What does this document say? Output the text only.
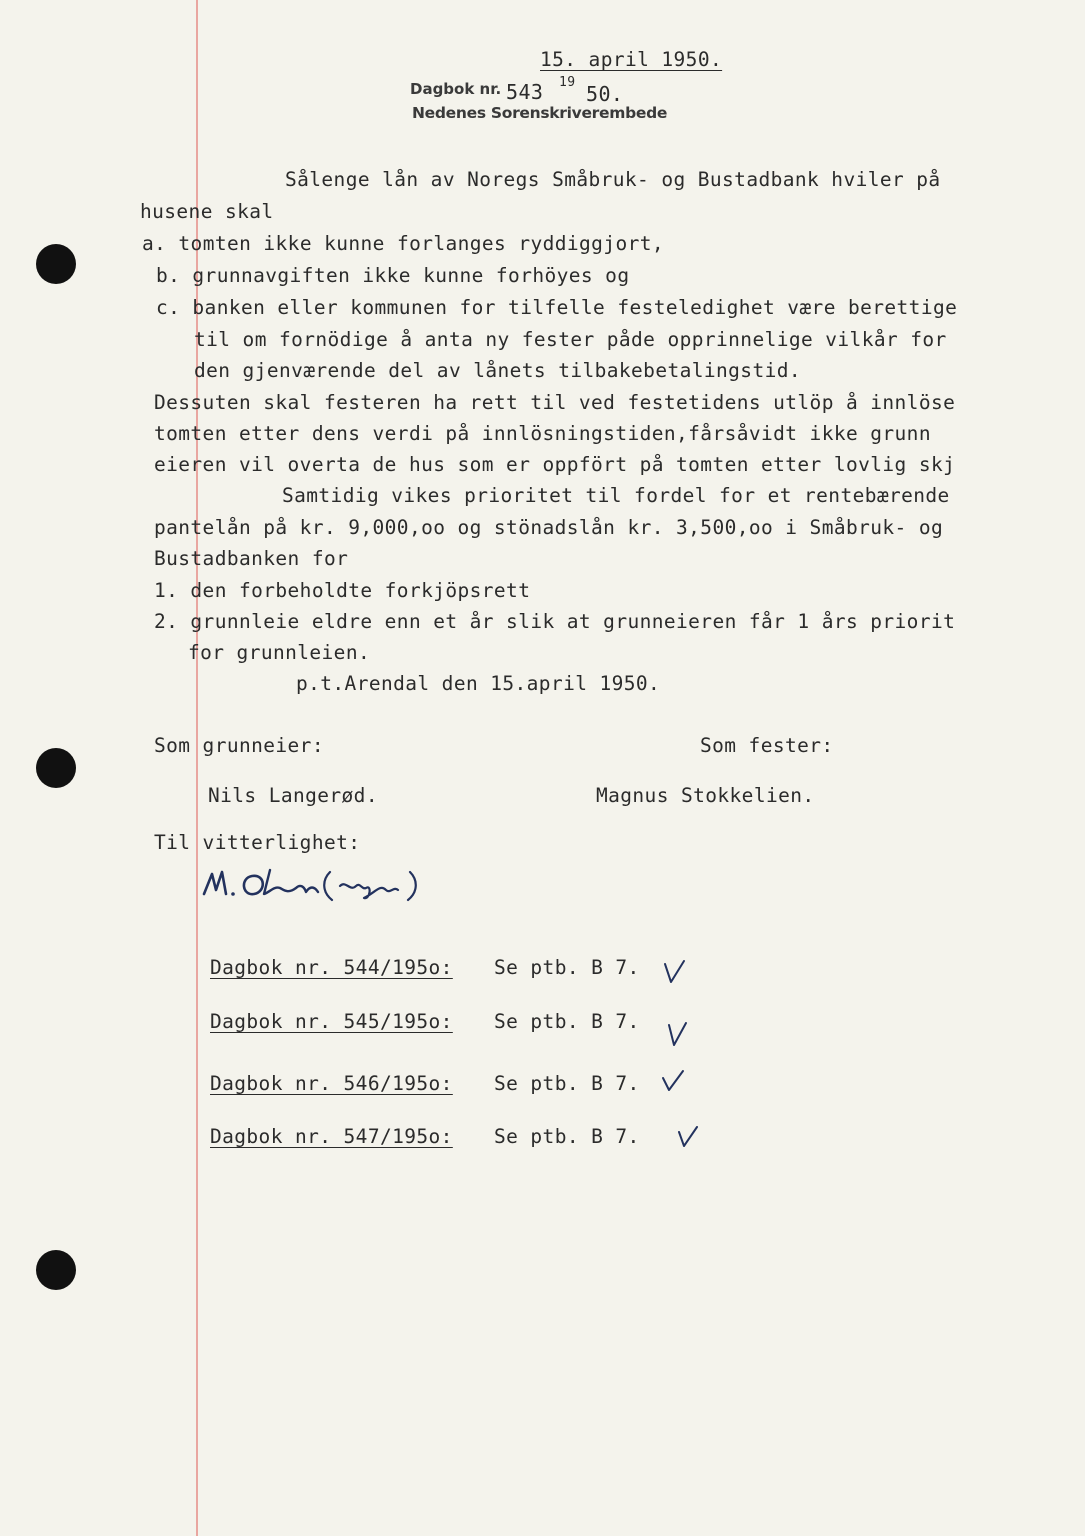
15. april 1950.
Dagbok nr. 543 19 50.
Nedenes Sorenskriverembede
Sålenge lån av Noregs Småbruk- og Bustadbank hviler på
husene skal
a. tomten ikke kunne forlanges ryddiggjort,
b. grunnavgiften ikke kunne forhöyes og
c. banken eller kommunen for tilfelle festeledighet være berettige
til om fornödige å anta ny fester påde opprinnelige vilkår for
den gjenværende del av lånets tilbakebetalingstid.
Dessuten skal festeren ha rett til ved festetidens utlöp å innlöse
tomten etter dens verdi på innlösningstiden,fårsåvidt ikke grunn
eieren vil overta de hus som er oppfört på tomten etter lovlig skj
Samtidig vikes prioritet til fordel for et rentebærende
pantelån på kr. 9,000,oo og stönadslån kr. 3,500,oo i Småbruk- og
Bustadbanken for
1. den forbeholdte forkjöpsrett
2. grunnleie eldre enn et år slik at grunneieren får 1 års priorit
for grunnleien.
p.t.Arendal den 15.april 1950.
Som grunneier:	Som fester:
Nils Langerød.	Magnus Stokkelien.
Til vitterlighet:
Dagbok nr. 544/195o: Se ptb. B 7.
Dagbok nr. 545/195o: Se ptb. B 7.
Dagbok nr. 546/195o: Se ptb. B 7.
Dagbok nr. 547/195o: Se ptb. B 7.
